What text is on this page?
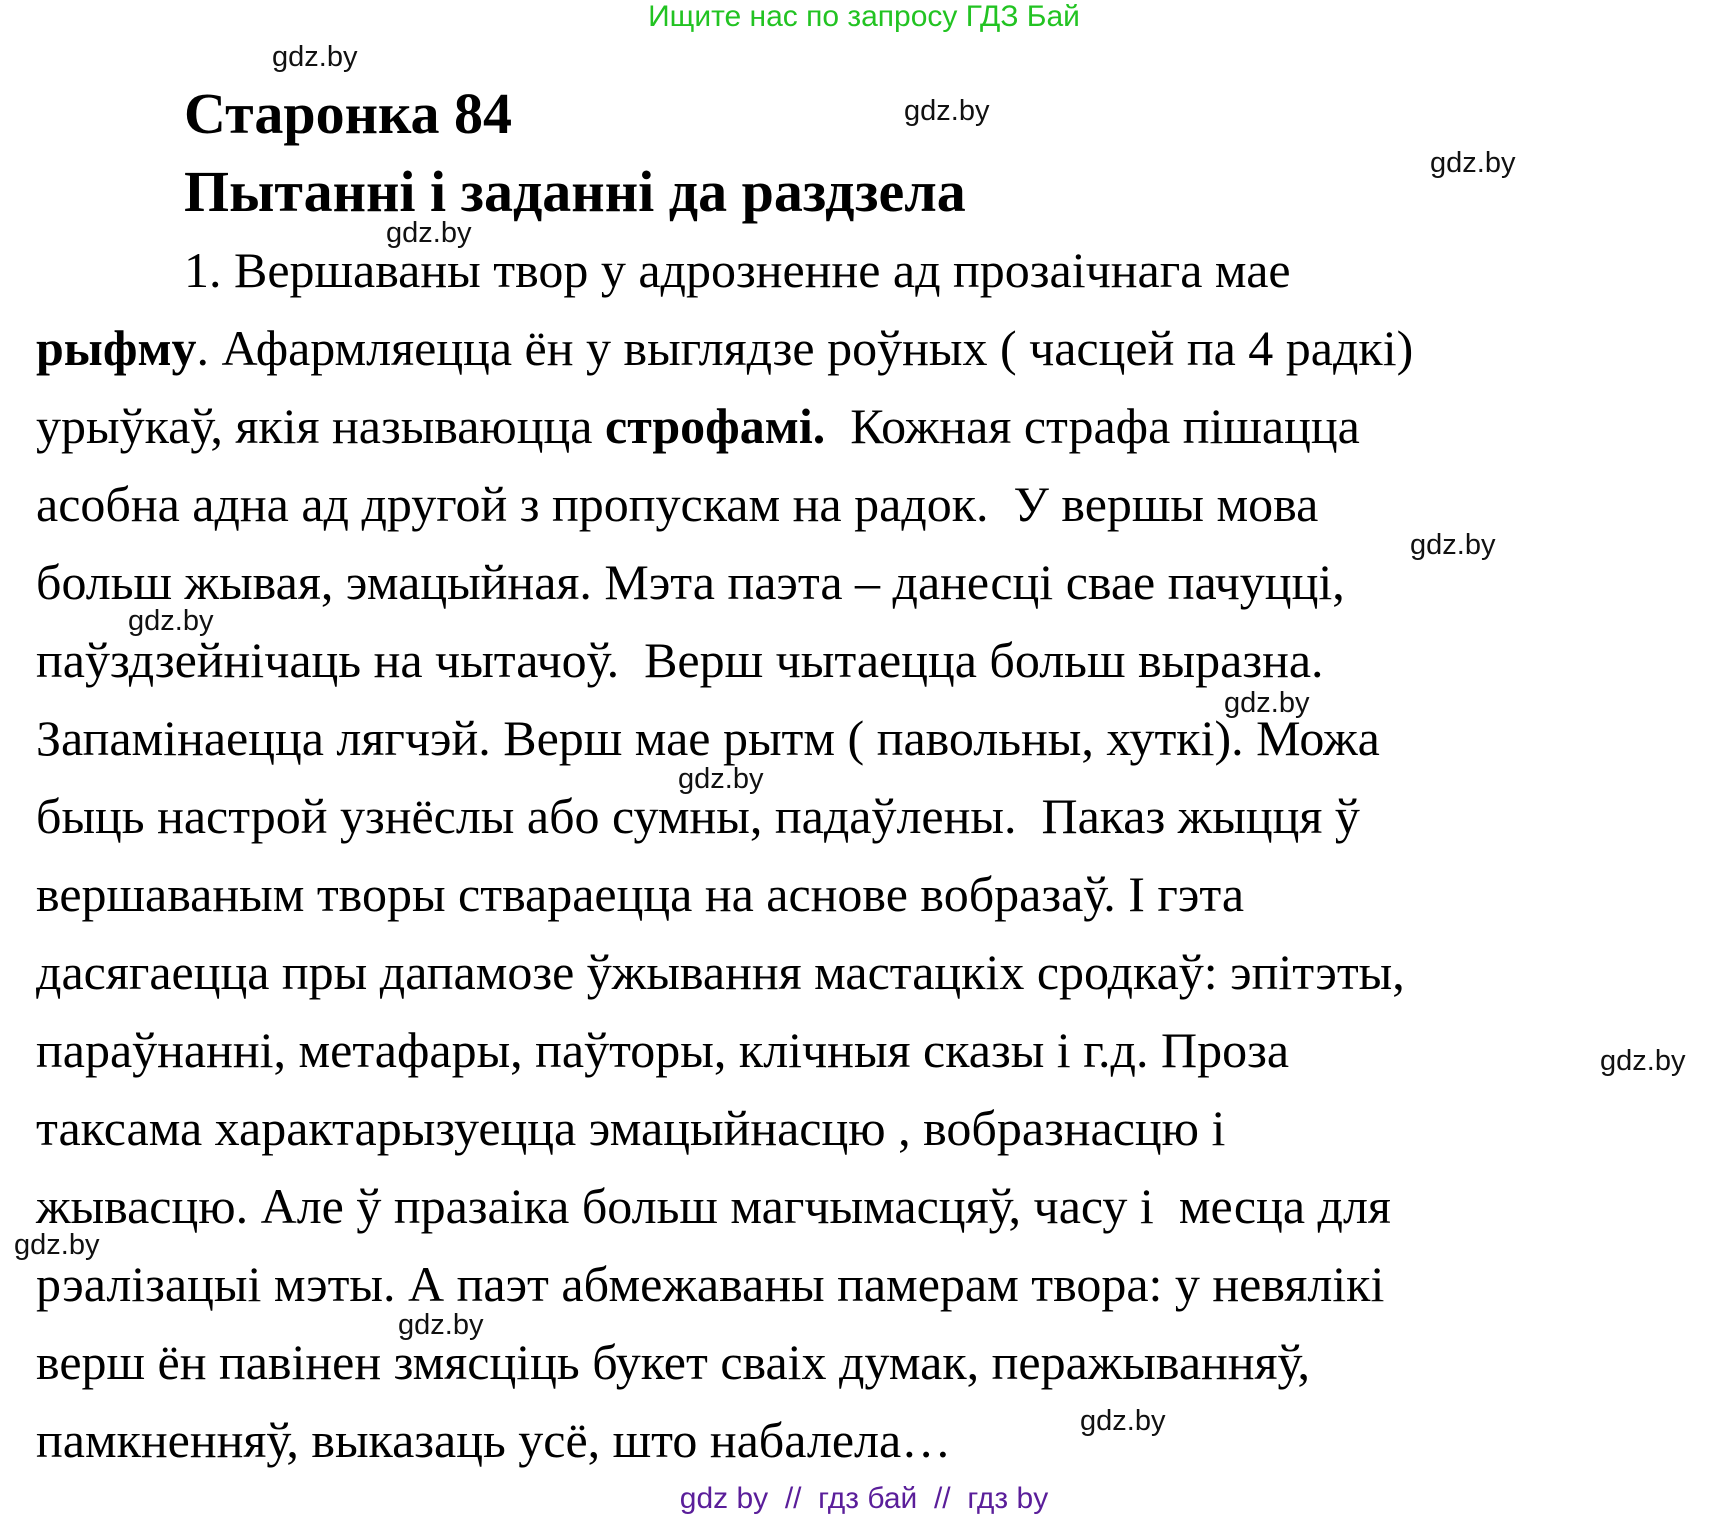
Ищите нас по запросу ГДЗ Бай
gdz.by
gdz.by
gdz.by
gdz.by
gdz.by
gdz.by
gdz.by
gdz.by
gdz.by
gdz.by
gdz.by
gdz.by
Старонка 84
Пытанні і заданні да раздзела
1. Вершаваны твор у адрозненне ад прозаічнага мае
рыфму. Афармляецца ён у выглядзе роўных ( часцей па 4 радкі)
урыўкаў, якія называюцца строфамі.  Кожная страфа пішацца
асобна адна ад другой з пропускам на радок.  У вершы мова
больш жывая, эмацыйная. Мэта паэта – данесці свае пачуцці,
паўздзейнічаць на чытачоў.  Верш чытаецца больш выразна.
Запамінаецца лягчэй. Верш мае рытм ( павольны, хуткі). Можа
быць настрой узнёслы або сумны, падаўлены.  Паказ жыцця ў
вершаваным творы ствараецца на аснове вобразаў. І гэта
дасягаецца пры дапамозе ўжывання мастацкіх сродкаў: эпітэты,
параўнанні, метафары, паўторы, клічныя сказы і г.д. Проза
таксама характарызуецца эмацыйнасцю , вобразнасцю і
жывасцю. Але ў празаіка больш магчымасцяў, часу і  месца для
рэалізацыі мэты. А паэт абмежаваны памерам твора: у невялікі
верш ён павінен змясціць букет сваіх думак, перажыванняў,
памкненняў, выказаць усё, што набалела…
gdz by  //  гдз бай  //  гдз by
